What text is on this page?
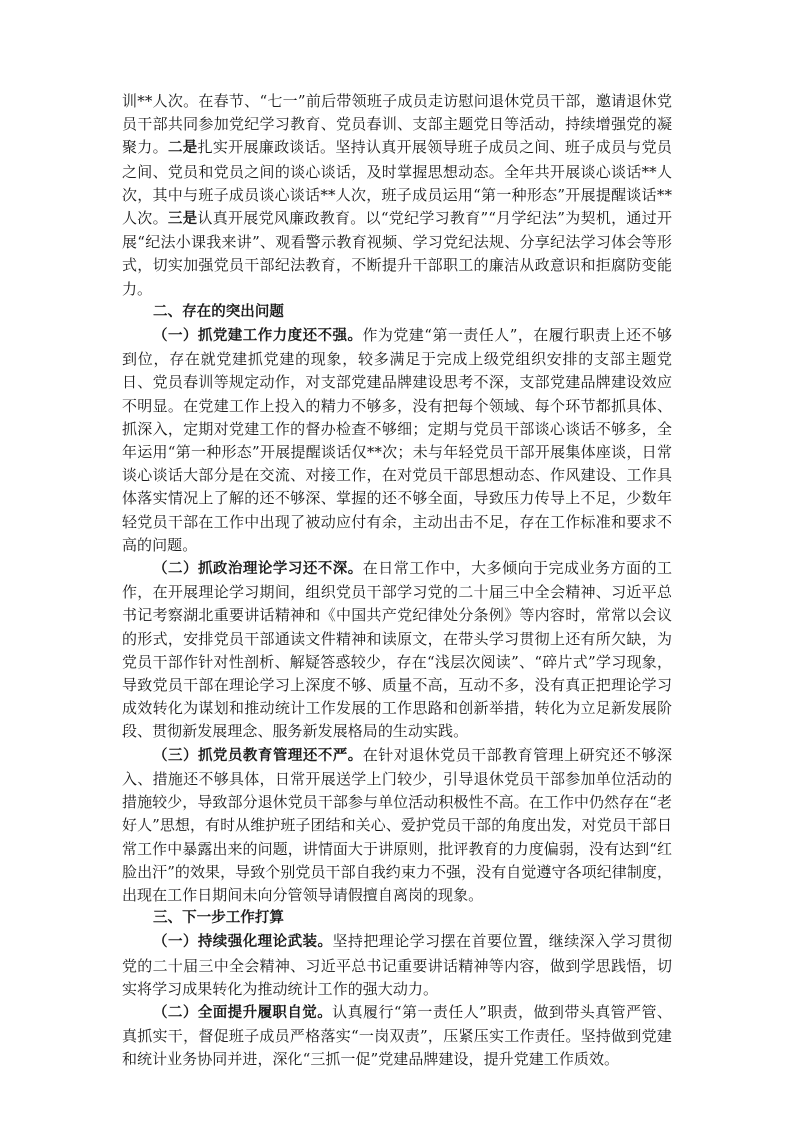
训**人次。在春节、“七一”前后带领班子成员走访慰问退休党员干部，邀请退休党员干部共同参加党纪学习教育、党员春训、支部主题党日等活动，持续增强党的凝聚力。二是扎实开展廉政谈话。坚持认真开展领导班子成员之间、班子成员与党员之间、党员和党员之间的谈心谈话，及时掌握思想动态。全年共开展谈心谈话**人次，其中与班子成员谈心谈话**人次，班子成员运用“第一种形态”开展提醒谈话**人次。三是认真开展党风廉政教育。以“党纪学习教育”“月学纪法”为契机，通过开展“纪法小课我来讲”、观看警示教育视频、学习党纪法规、分享纪法学习体会等形式，切实加强党员干部纪法教育，不断提升干部职工的廉洁从政意识和拒腐防变能力。

二、存在的突出问题

（一）抓党建工作力度还不强。作为党建“第一责任人”，在履行职责上还不够到位，存在就党建抓党建的现象，较多满足于完成上级党组织安排的支部主题党日、党员春训等规定动作，对支部党建品牌建设思考不深，支部党建品牌建设效应不明显。在党建工作上投入的精力不够多，没有把每个领域、每个环节都抓具体、抓深入，定期对党建工作的督办检查不够细；定期与党员干部谈心谈话不够多，全年运用“第一种形态”开展提醒谈话仅**次；未与年轻党员干部开展集体座谈，日常谈心谈话大部分是在交流、对接工作，在对党员干部思想动态、作风建设、工作具体落实情况上了解的还不够深、掌握的还不够全面，导致压力传导上不足，少数年轻党员干部在工作中出现了被动应付有余，主动出击不足，存在工作标准和要求不高的问题。

（二）抓政治理论学习还不深。在日常工作中，大多倾向于完成业务方面的工作，在开展理论学习期间，组织党员干部学习党的二十届三中全会精神、习近平总书记考察湖北重要讲话精神和《中国共产党纪律处分条例》等内容时，常常以会议的形式，安排党员干部通读文件精神和读原文，在带头学习贯彻上还有所欠缺，为党员干部作针对性剖析、解疑答惑较少，存在“浅层次阅读”、“碎片式”学习现象，导致党员干部在理论学习上深度不够、质量不高，互动不多，没有真正把理论学习成效转化为谋划和推动统计工作发展的工作思路和创新举措，转化为立足新发展阶段、贯彻新发展理念、服务新发展格局的生动实践。

（三）抓党员教育管理还不严。在针对退休党员干部教育管理上研究还不够深入、措施还不够具体，日常开展送学上门较少，引导退休党员干部参加单位活动的措施较少，导致部分退休党员干部参与单位活动积极性不高。在工作中仍然存在“老好人”思想，有时从维护班子团结和关心、爱护党员干部的角度出发，对党员干部日常工作中暴露出来的问题，讲情面大于讲原则，批评教育的力度偏弱，没有达到“红脸出汗”的效果，导致个别党员干部自我约束力不强，没有自觉遵守各项纪律制度，出现在工作日期间未向分管领导请假擅自离岗的现象。

三、下一步工作打算

（一）持续强化理论武装。坚持把理论学习摆在首要位置，继续深入学习贯彻党的二十届三中全会精神、习近平总书记重要讲话精神等内容，做到学思践悟，切实将学习成果转化为推动统计工作的强大动力。

（二）全面提升履职自觉。认真履行“第一责任人”职责，做到带头真管严管、真抓实干，督促班子成员严格落实“一岗双责”，压紧压实工作责任。坚持做到党建和统计业务协同并进，深化“三抓一促”党建品牌建设，提升党建工作质效。
